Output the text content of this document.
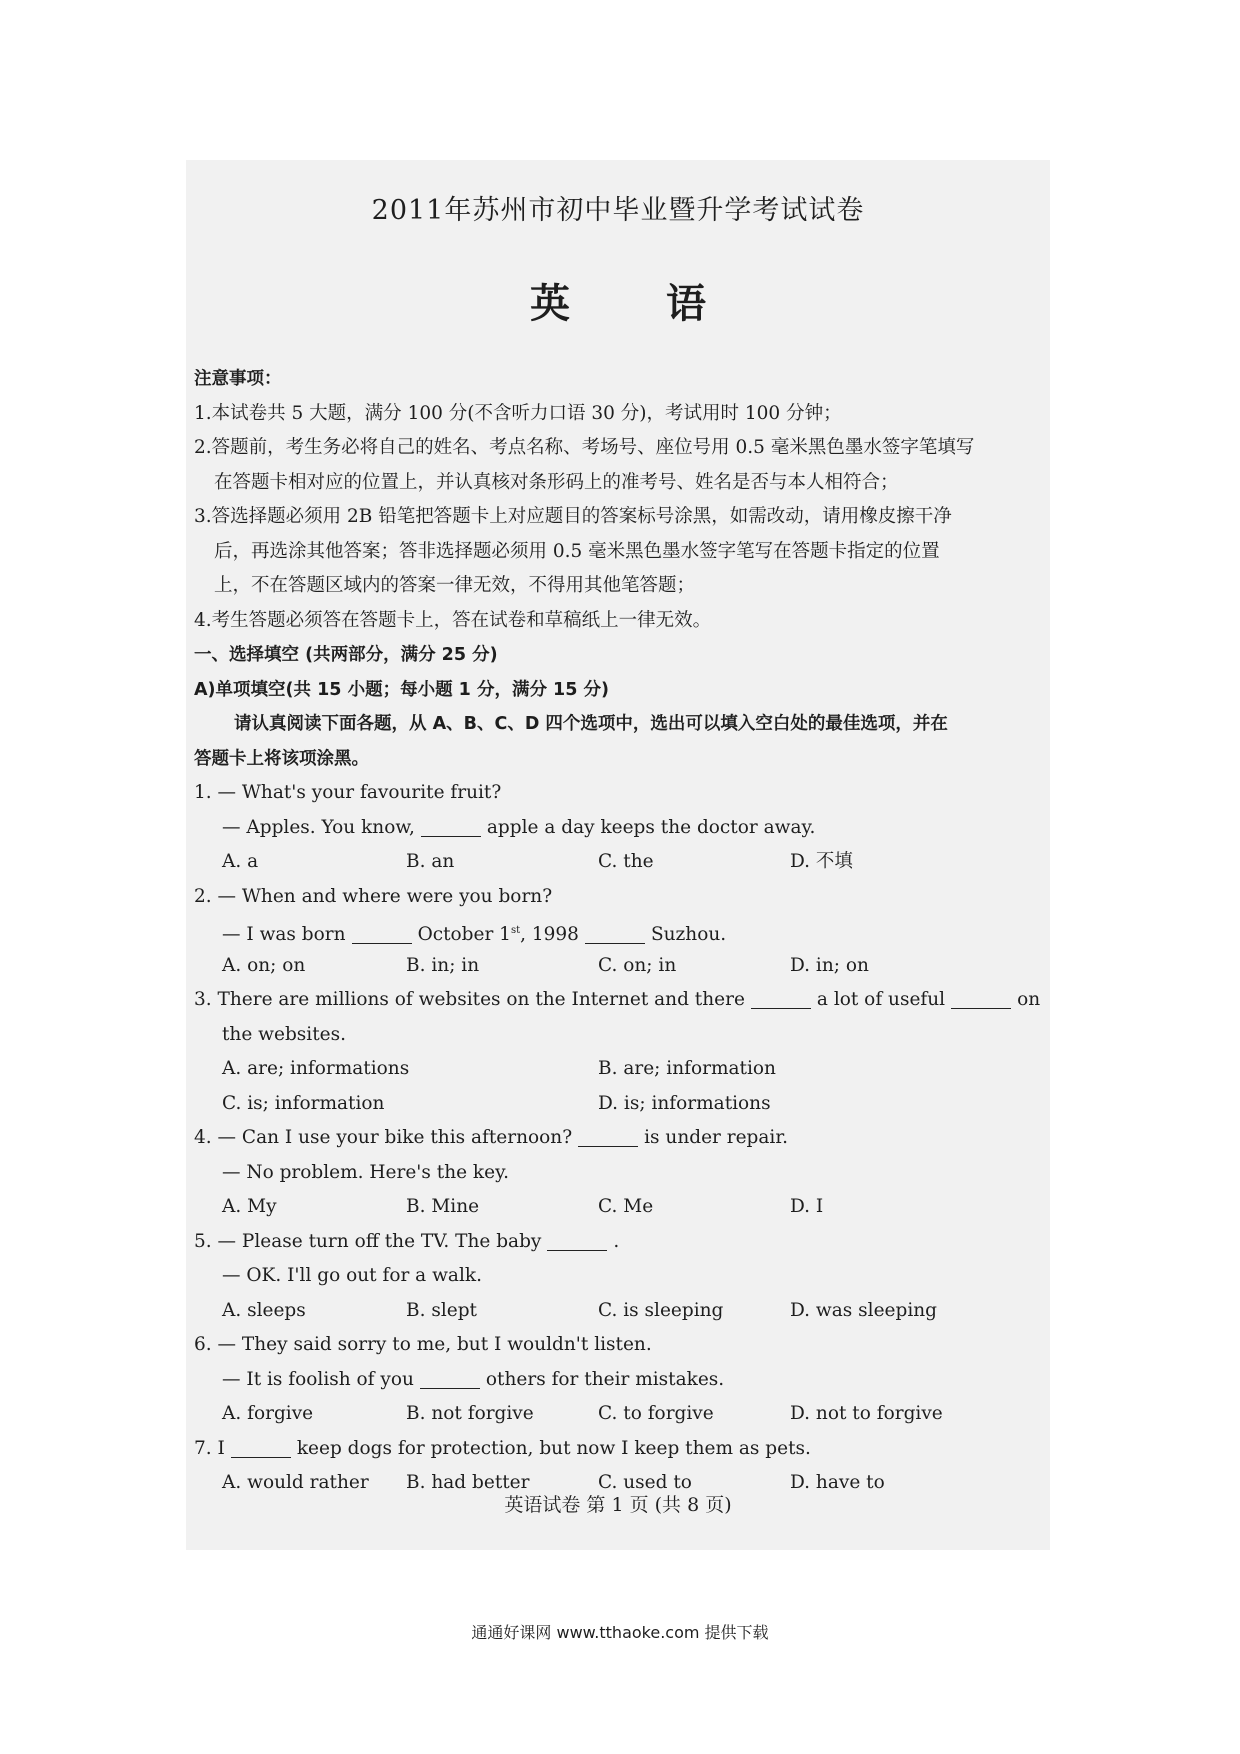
2011年苏州市初中毕业暨升学考试试卷
英 语
注意事项：
1.本试卷共 5 大题，满分 100 分(不含听力口语 30 分)，考试用时 100 分钟；
2.答题前，考生务必将自己的姓名、考点名称、考场号、座位号用 0.5 毫米黑色墨水签字笔填写
在答题卡相对应的位置上，并认真核对条形码上的准考号、姓名是否与本人相符合；
3.答选择题必须用 2B 铅笔把答题卡上对应题目的答案标号涂黑，如需改动，请用橡皮擦干净
后，再选涂其他答案；答非选择题必须用 0.5 毫米黑色墨水签字笔写在答题卡指定的位置
上，不在答题区域内的答案一律无效，不得用其他笔答题；
4.考生答题必须答在答题卡上，答在试卷和草稿纸上一律无效。
一、选择填空 (共两部分，满分 25 分)
A)单项填空(共 15 小题；每小题 1 分，满分 15 分)
请认真阅读下面各题，从 A、B、C、D 四个选项中，选出可以填入空白处的最佳选项，并在
答题卡上将该项涂黑。
1. — What's your favourite fruit?
— Apples. You know,	apple a day keeps the doctor away.
A. a	B. an	C. the	D. 不填
2. — When and where were you born?
— I was born	October 1st, 1998	Suzhou.
A. on; on	B. in; in	C. on; in	D. in; on
3. There are millions of websites on the Internet and there	a lot of useful	on
the websites.
A. are; informations	B. are; information
C. is; information	D. is; informations
4. — Can I use your bike this afternoon?	is under repair.
— No problem. Here's the key.
A. My	B. Mine	C. Me	D. I
5. — Please turn off the TV. The baby	.
— OK. I'll go out for a walk.
A. sleeps	B. slept	C. is sleeping	D. was sleeping
6. — They said sorry to me, but I wouldn't listen.
— It is foolish of you	others for their mistakes.
A. forgive	B. not forgive	C. to forgive	D. not to forgive
7. I	keep dogs for protection, but now I keep them as pets.
A. would rather B. had better	C. used to	D. have to
英语试卷 第 1 页 (共 8 页)
通通好课网 www.tthaoke.com 提供下载
